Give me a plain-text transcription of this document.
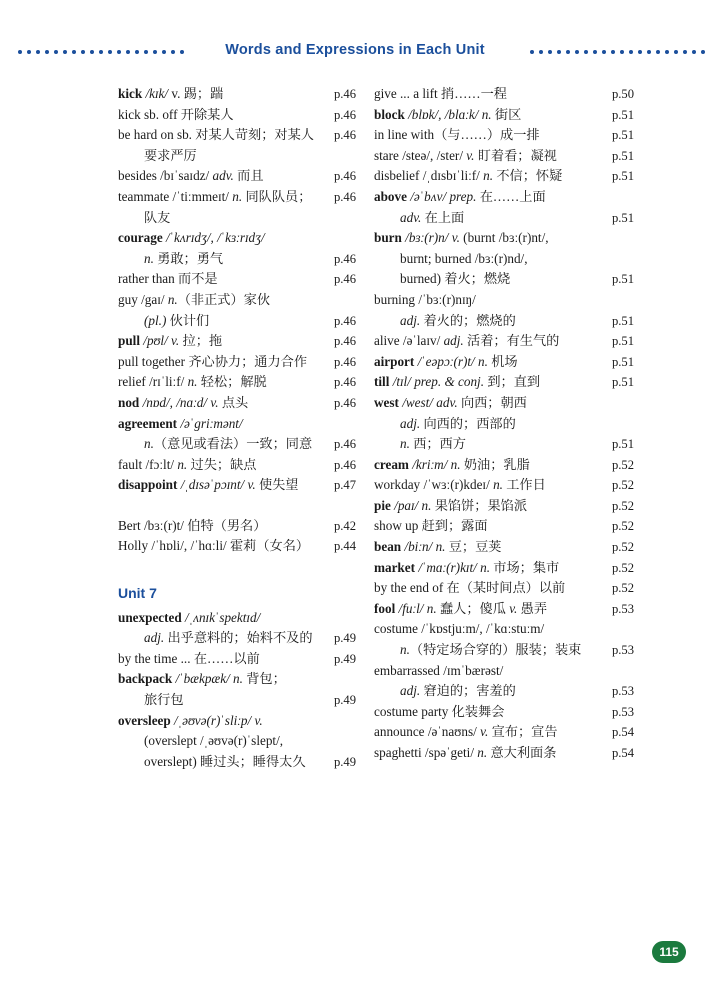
Words and Expressions in Each Unit
kick /kɪk/ v. 踢；踹	p.46
kick sb. off 开除某人	p.46
be hard on sb. 对某人苛刻；对某人 p.46
要求严厉
besides /bɪˈsaɪdz/ adv. 而且	p.46
teammate /ˈtiːmmeɪt/ n. 同队队员； p.46
队友
courage /ˈkʌrɪdʒ/, /ˈkɜːrɪdʒ/
n. 勇敢；勇气	p.46
rather than 而不是	p.46
guy /gaɪ/ n.（非正式）家伙
(pl.) 伙计们	p.46
pull /pʊl/ v. 拉；拖	p.46
pull together 齐心协力；通力合作 p.46
relief /rɪˈliːf/ n. 轻松；解脱	p.46
nod /nɒd/, /nɑːd/ v. 点头	p.46
agreement /əˈgriːmənt/
n.（意见或看法）一致；同意 p.46
fault /fɔːlt/ n. 过失；缺点	p.46
disappoint /ˌdɪsəˈpɔɪnt/ v. 使失望	p.47
Bert /bɜː(r)t/ 伯特（男名）	p.42
Holly /ˈhɒli/, /ˈhɑːli/ 霍莉（女名） p.44
Unit 7
unexpected /ˌʌnɪkˈspektɪd/
adj. 出乎意料的；始料不及的 p.49
by the time ... 在……以前	p.49
backpack /ˈbækpæk/ n. 背包；
旅行包	p.49
oversleep /ˌəʊvə(r)ˈsliːp/ v.
(overslept /ˌəʊvə(r)ˈslept/,
overslept) 睡过头；睡得太久 p.49
give ... a lift 捎……一程	p.50
block /blɒk/, /blɑːk/ n. 街区	p.51
in line with（与……）成一排	p.51
stare /steə/, /ster/ v. 盯着看；凝视	p.51
disbelief /ˌdɪsbɪˈliːf/ n. 不信；怀疑	p.51
above /əˈbʌv/ prep. 在……上面
adv. 在上面	p.51
burn /bɜː(r)n/ v. (burnt /bɜː(r)nt/,
burnt; burned /bɜː(r)nd/,
burned) 着火；燃烧	p.51
burning /ˈbɜː(r)nɪŋ/
adj. 着火的；燃烧的	p.51
alive /əˈlaɪv/ adj. 活着；有生气的	p.51
airport /ˈeəpɔː(r)t/ n. 机场	p.51
till /tɪl/ prep. & conj. 到；直到	p.51
west /west/ adv. 向西；朝西
adj. 向西的；西部的
n. 西；西方	p.51
cream /kriːm/ n. 奶油；乳脂	p.52
workday /ˈwɜː(r)kdeɪ/ n. 工作日	p.52
pie /paɪ/ n. 果馅饼；果馅派	p.52
show up 赶到；露面	p.52
bean /biːn/ n. 豆；豆荚	p.52
market /ˈmɑː(r)kɪt/ n. 市场；集市	p.52
by the end of 在（某时间点）以前	p.52
fool /fuːl/ n. 蠢人；傻瓜 v. 愚弄	p.53
costume /ˈkɒstjuːm/, /ˈkɑːstuːm/
n.（特定场合穿的）服装；装束 p.53
embarrassed /ɪmˈbærəst/
adj. 窘迫的；害羞的	p.53
costume party 化装舞会	p.53
announce /əˈnaʊns/ v. 宣布；宣告	p.54
spaghetti /spəˈgeti/ n. 意大利面条	p.54
115
